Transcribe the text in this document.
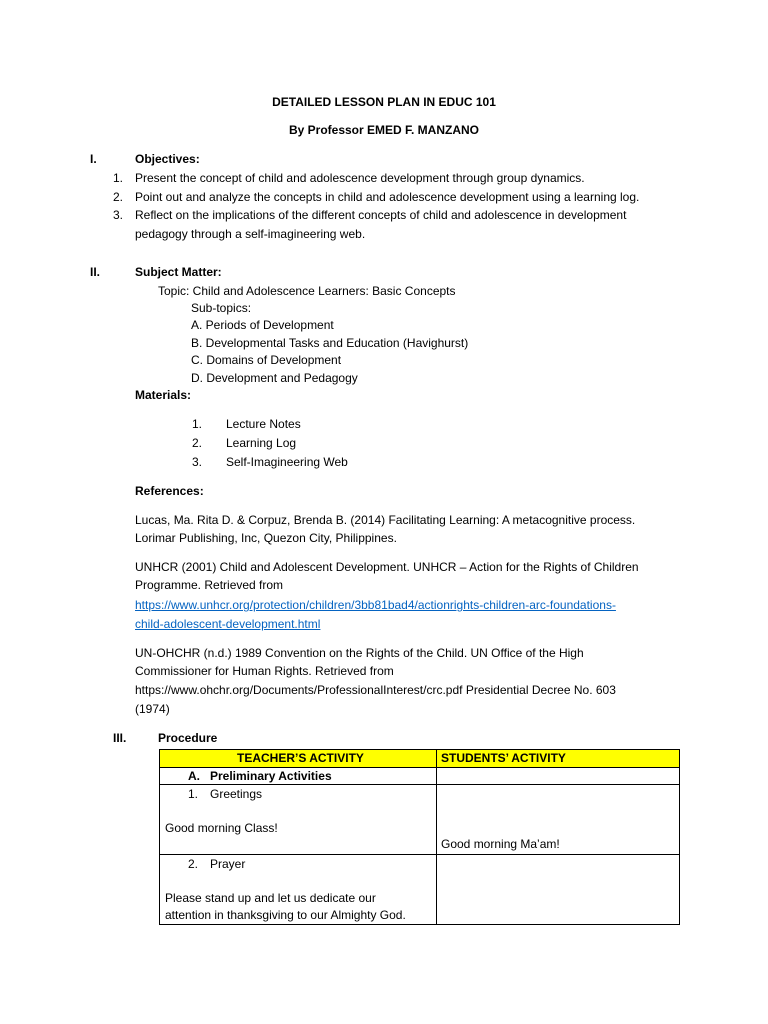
DETAILED LESSON PLAN IN EDUC 101
By Professor EMED F. MANZANO
I.	Objectives:
1. Present the concept of child and adolescence development through group dynamics.
2. Point out and analyze the concepts in child and adolescence development using a learning log.
3. Reflect on the implications of the different concepts of child and adolescence in development
pedagogy through a self-imagineering web.
II.	Subject Matter:
Topic: Child and Adolescence Learners: Basic Concepts
Sub-topics:
A. Periods of Development
B. Developmental Tasks and Education (Havighurst)
C. Domains of Development
D. Development and Pedagogy
Materials:
1. Lecture Notes
2. Learning Log
3. Self-Imagineering Web
References:
Lucas, Ma. Rita D. & Corpuz, Brenda B. (2014) Facilitating Learning: A metacognitive process.
Lorimar Publishing, Inc, Quezon City, Philippines.
UNHCR (2001) Child and Adolescent Development. UNHCR – Action for the Rights of Children
Programme. Retrieved from
https://www.unhcr.org/protection/children/3bb81bad4/actionrights-children-arc-foundations-
child-adolescent-development.html
UN-OHCHR (n.d.) 1989 Convention on the Rights of the Child. UN Office of the High
Commissioner for Human Rights. Retrieved from
https://www.ohchr.org/Documents/ProfessionalInterest/crc.pdf Presidential Decree No. 603
(1974)
III.	Procedure
TEACHER’S ACTIVITY	STUDENTS’ ACTIVITY

A. Preliminary Activities	

1. Greetings
Good morning Class!	Good morning Ma’am!

2. Prayer
Please stand up and let us dedicate our
attention in thanksgiving to our Almighty God.	
